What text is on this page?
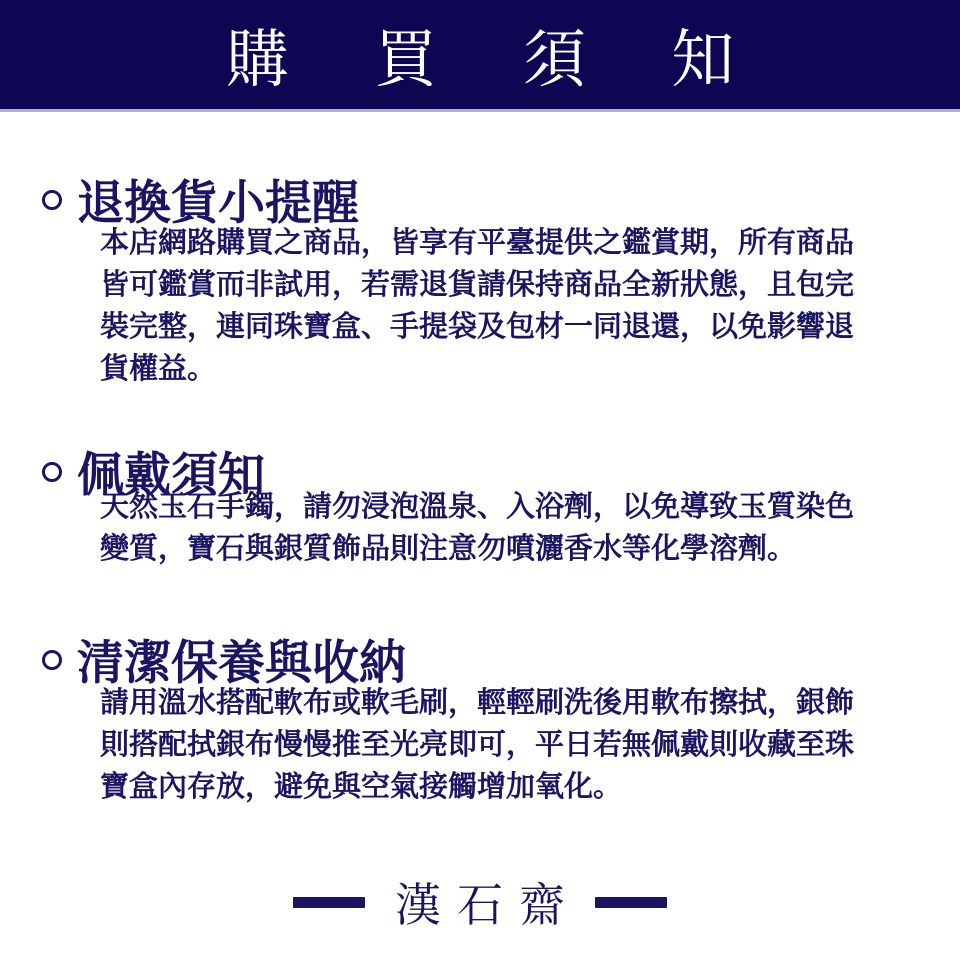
購 買 須 知
退換貨小提醒
本店網路購買之商品，皆享有平臺提供之鑑賞期，所有商品
皆可鑑賞而非試用，若需退貨請保持商品全新狀態，且包完
裝完整，連同珠寶盒、手提袋及包材一同退還，以免影響退
貨權益。
佩戴須知
天然玉石手鐲，請勿浸泡溫泉、入浴劑，以免導致玉質染色
變質，寶石與銀質飾品則注意勿噴灑香水等化學溶劑。
清潔保養與收納
請用溫水搭配軟布或軟毛刷，輕輕刷洗後用軟布擦拭，銀飾
則搭配拭銀布慢慢推至光亮即可，平日若無佩戴則收藏至珠
寶盒內存放，避免與空氣接觸增加氧化。
漢石齋
